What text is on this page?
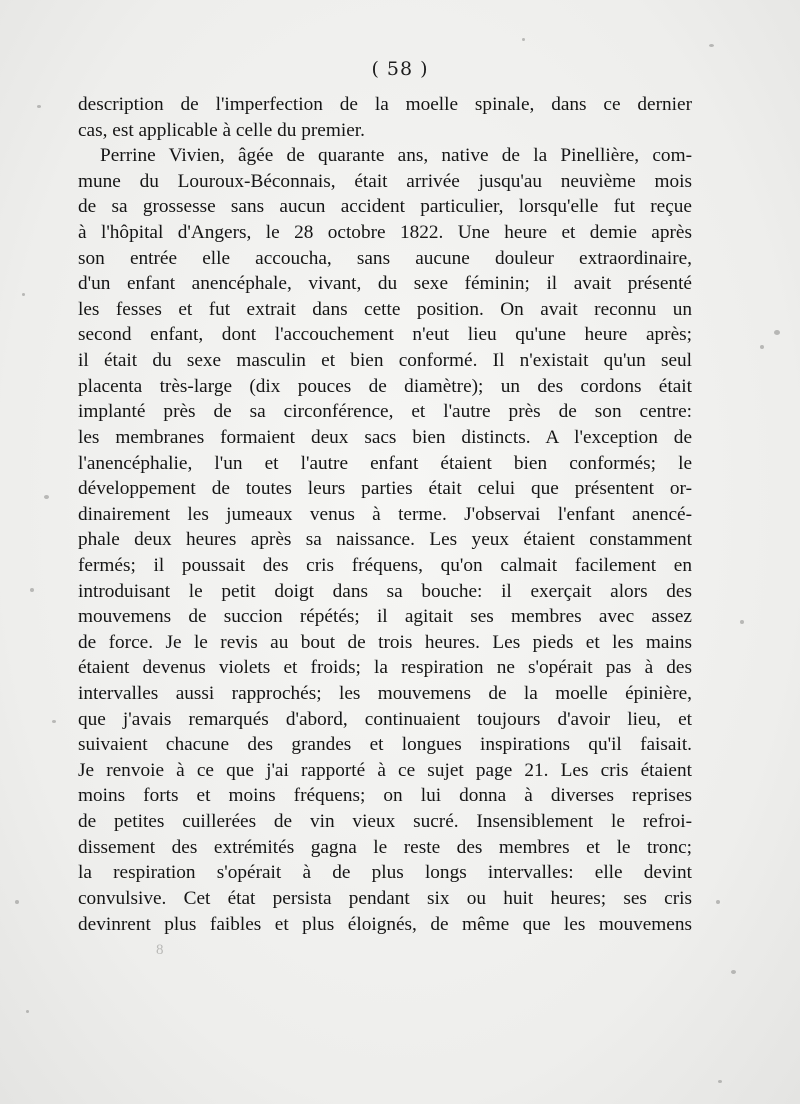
( 58 )
description de l'imperfection de la moelle spinale, dans ce dernier
cas, est applicable à celle du premier.
Perrine Vivien, âgée de quarante ans, native de la Pinellière, com-
mune du Louroux-Béconnais, était arrivée jusqu'au neuvième mois
de sa grossesse sans aucun accident particulier, lorsqu'elle fut reçue
à l'hôpital d'Angers, le 28 octobre 1822. Une heure et demie après
son entrée elle accoucha, sans aucune douleur extraordinaire,
d'un enfant anencéphale, vivant, du sexe féminin; il avait présenté
les fesses et fut extrait dans cette position. On avait reconnu un
second enfant, dont l'accouchement n'eut lieu qu'une heure après;
il était du sexe masculin et bien conformé. Il n'existait qu'un seul
placenta très-large (dix pouces de diamètre); un des cordons était
implanté près de sa circonférence, et l'autre près de son centre:
les membranes formaient deux sacs bien distincts. A l'exception de
l'anencéphalie, l'un et l'autre enfant étaient bien conformés; le
développement de toutes leurs parties était celui que présentent or-
dinairement les jumeaux venus à terme. J'observai l'enfant anencé-
phale deux heures après sa naissance. Les yeux étaient constamment
fermés; il poussait des cris fréquens, qu'on calmait facilement en
introduisant le petit doigt dans sa bouche: il exerçait alors des
mouvemens de succion répétés; il agitait ses membres avec assez
de force. Je le revis au bout de trois heures. Les pieds et les mains
étaient devenus violets et froids; la respiration ne s'opérait pas à des
intervalles aussi rapprochés; les mouvemens de la moelle épinière,
que j'avais remarqués d'abord, continuaient toujours d'avoir lieu, et
suivaient chacune des grandes et longues inspirations qu'il faisait.
Je renvoie à ce que j'ai rapporté à ce sujet page 21. Les cris étaient
moins forts et moins fréquens; on lui donna à diverses reprises
de petites cuillerées de vin vieux sucré. Insensiblement le refroi-
dissement des extrémités gagna le reste des membres et le tronc;
la respiration s'opérait à de plus longs intervalles: elle devint
convulsive. Cet état persista pendant six ou huit heures; ses cris
devinrent plus faibles et plus éloignés, de même que les mouvemens
8
